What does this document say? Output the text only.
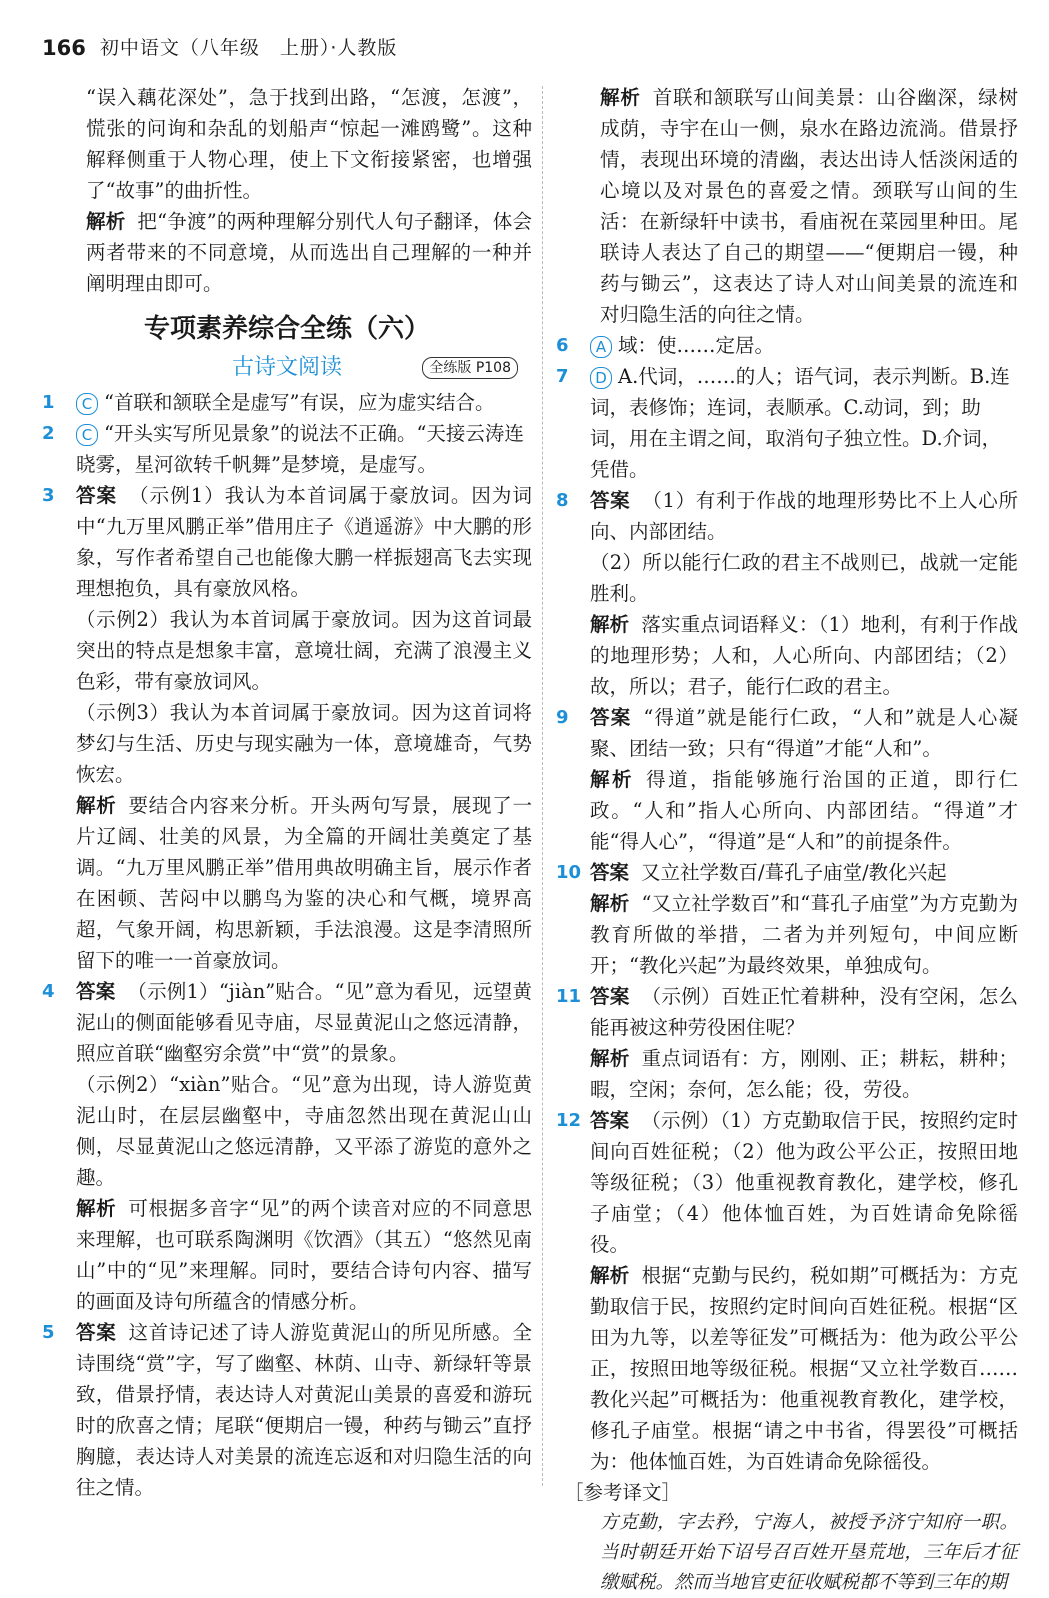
166 初中语文（八年级　上册）·人教版

“误入藕花深处”，急于找到出路，“怎渡，怎渡”，慌张的问询和杂乱的划船声“惊起一滩鸥鹭”。这种解释侧重于人物心理，使上下文衔接紧密，也增强了“故事”的曲折性。

解析 把“争渡”的两种理解分别代人句子翻译，体会两者带来的不同意境，从而选出自己理解的一种并阐明理由即可。

专项素养综合全练（六）
古诗文阅读	全练版 P108
1	C “首联和颔联全是虚写”有误，应为虚实结合。
2	C “开头实写所见景象”的说法不正确。“天接云涛连晓雾，星河欲转千帆舞”是梦境，是虚写。
3	答案 （示例1）我认为本首词属于豪放词。因为词中“九万里风鹏正举”借用庄子《逍遥游》中大鹏的形象，写作者希望自己也能像大鹏一样振翅高飞去实现理想抱负，具有豪放风格。

（示例2）我认为本首词属于豪放词。因为这首词最突出的特点是想象丰富，意境壮阔，充满了浪漫主义色彩，带有豪放词风。

（示例3）我认为本首词属于豪放词。因为这首词将梦幻与生活、历史与现实融为一体，意境雄奇，气势恢宏。

解析 要结合内容来分析。开头两句写景，展现了一片辽阔、壮美的风景，为全篇的开阔壮美奠定了基调。“九万里风鹏正举”借用典故明确主旨，展示作者在困顿、苦闷中以鹏鸟为鉴的决心和气概，境界高超，气象开阔，构思新颖，手法浪漫。这是李清照所留下的唯一一首豪放词。

4	答案 （示例1）“jiàn”贴合。“见”意为看见，远望黄泥山的侧面能够看见寺庙，尽显黄泥山之悠远清静，照应首联“幽壑穷余赏”中“赏”的景象。

（示例2）“xiàn”贴合。“见”意为出现，诗人游览黄泥山时，在层层幽壑中，寺庙忽然出现在黄泥山山侧，尽显黄泥山之悠远清静，又平添了游览的意外之趣。

解析 可根据多音字“见”的两个读音对应的不同意思来理解，也可联系陶渊明《饮酒》（其五）“悠然见南山”中的“见”来理解。同时，要结合诗句内容、描写的画面及诗句所蕴含的情感分析。

5	答案 这首诗记述了诗人游览黄泥山的所见所感。全诗围绕“赏”字，写了幽壑、林荫、山寺、新绿轩等景致，借景抒情，表达诗人对黄泥山美景的喜爱和游玩时的欣喜之情；尾联“便期启一镘，种药与锄云”直抒胸臆，表达诗人对美景的流连忘返和对归隐生活的向往之情。

解析 首联和颔联写山间美景：山谷幽深，绿树成荫，寺宇在山一侧，泉水在路边流淌。借景抒情，表现出环境的清幽，表达出诗人恬淡闲适的心境以及对景色的喜爱之情。颈联写山间的生活：在新绿轩中读书，看庙祝在菜园里种田。尾联诗人表达了自己的期望——“便期启一镘，种药与锄云”，这表达了诗人对山间美景的流连和对归隐生活的向往之情。

6	A 域：使……定居。
7	D A.代词，……的人；语气词，表示判断。B.连词，表修饰；连词，表顺承。C.动词，到；助词，用在主谓之间，取消句子独立性。D.介词，凭借。
8	答案 （1）有利于作战的地理形势比不上人心所向、内部团结。

（2）所以能行仁政的君主不战则已，战就一定能胜利。

解析 落实重点词语释义：（1）地利，有利于作战的地理形势；人和，人心所向、内部团结；（2）故，所以；君子，能行仁政的君主。

9	答案 “得道”就是能行仁政，“人和”就是人心凝聚、团结一致；只有“得道”才能“人和”。

解析 得道，指能够施行治国的正道，即行仁政。“人和”指人心所向、内部团结。“得道”才能“得人心”，“得道”是“人和”的前提条件。

10 答案 又立社学数百/葺孔子庙堂/教化兴起

解析 “又立社学数百”和“葺孔子庙堂”为方克勤为教育所做的举措，二者为并列短句，中间应断开；“教化兴起”为最终效果，单独成句。

11 答案 （示例）百姓正忙着耕种，没有空闲，怎么能再被这种劳役困住呢？

解析 重点词语有：方，刚刚、正；耕耘，耕种；暇，空闲；奈何，怎么能；役，劳役。

12 答案 （示例）（1）方克勤取信于民，按照约定时间向百姓征税；（2）他为政公平公正，按照田地等级征税；（3）他重视教育教化，建学校，修孔子庙堂；（4）他体恤百姓，为百姓请命免除徭役。

解析 根据“克勤与民约，税如期”可概括为：方克勤取信于民，按照约定时间向百姓征税。根据“区田为九等，以差等征发”可概括为：他为政公平公正，按照田地等级征税。根据“又立社学数百……教化兴起”可概括为：他重视教育教化，建学校，修孔子庙堂。根据“请之中书省，得罢役”可概括为：他体恤百姓，为百姓请命免除徭役。

［参考译文］

方克勤，字去矜，宁海人，被授予济宁知府一职。当时朝廷开始下诏号召百姓开垦荒地，三年后才征缴赋税。然而当地官吏征收赋税都不等到三年的期
